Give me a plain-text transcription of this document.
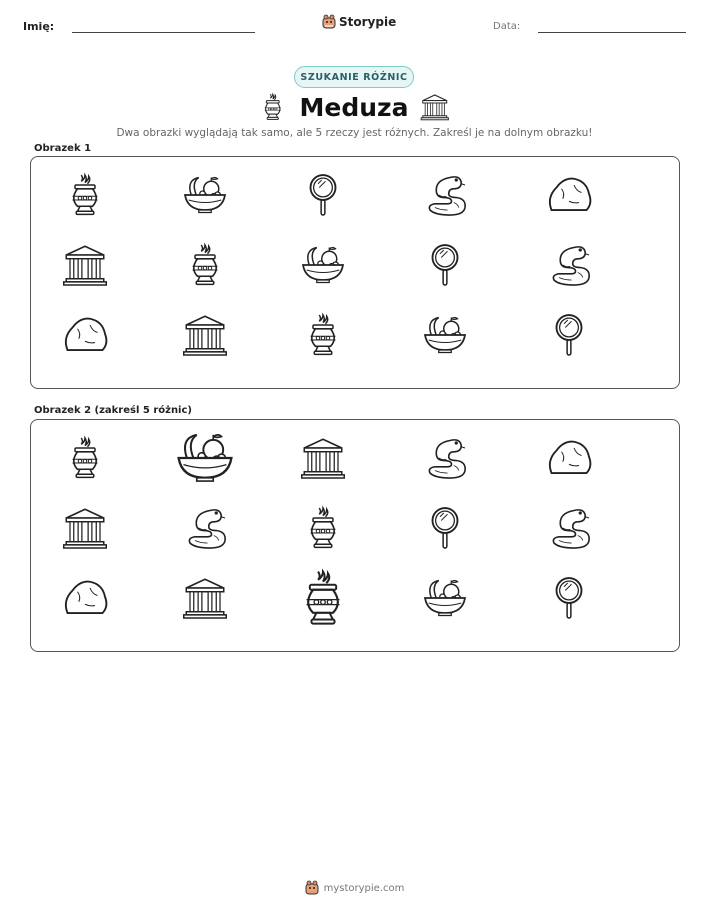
Imię:	Storypie	Data:
SZUKANIE RÓŻNIC
Meduza
Dwa obrazki wyglądają tak samo, ale 5 rzeczy jest różnych. Zakreśl je na dolnym obrazku!
Obrazek 1
Obrazek 2 (zakreśl 5 różnic)
mystorypie.com
